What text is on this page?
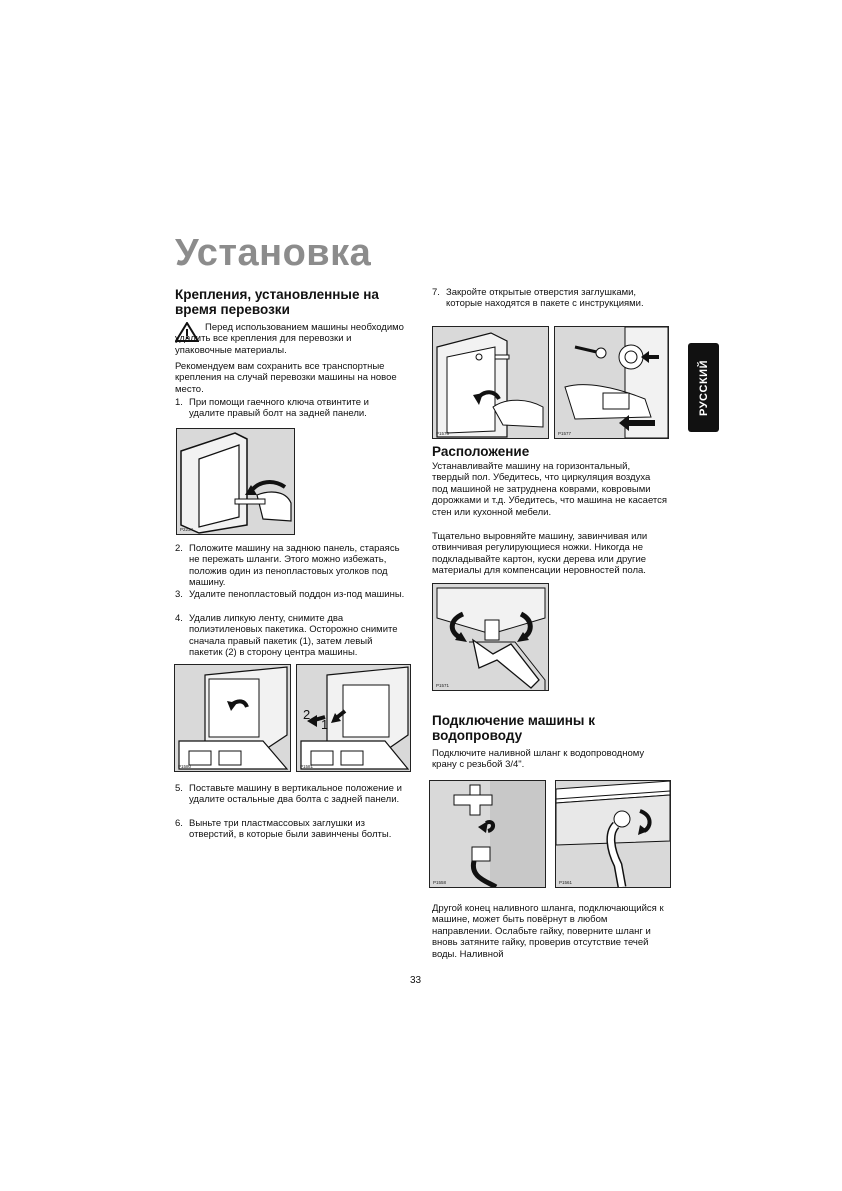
Установка
РУССКИЙ
Крепления, установленные на время перевозки

Перед использованием машины необходимо удалить все крепления для перевозки и упаковочные материалы.

Рекомендуем вам сохранить все транспортные крепления на случай перевозки машины на новое место.

1. При помощи гаечного ключа отвинтите и удалите правый болт на задней панели.
P2234
2. Положите машину на заднюю панель, стараясь не пережать шланги. Этого можно избежать, положив один из пенопластовых уголков под машину.
3. Удалите пенопластовый поддон из-под машины.
4. Удалив липкую ленту, снимите два полиэтиленовых пакетика. Осторожно снимите сначала правый пакетик (1), затем левый пакетик (2) в сторону центра машины.
P1580
2
1
P1581
5. Поставьте машину в вертикальное положение и удалите остальные два болта с задней панели.
6. Выньте три пластмассовых заглушки из отверстий, в которые были завинчены болты.
7. Закройте открытые отверстия заглушками, которые находятся в пакете с инструкциями.
P1576	P1577
Расположение

Устанавливайте машину на горизонтальный, твердый пол. Убедитесь, что циркуляция воздуха под машиной не затруднена коврами, ковровыми дорожками и т.д. Убедитесь, что машина не касается стен или кухонной мебели.

Тщательно выровняйте машину, завинчивая или отвинчивая регулирующиеся ножки. Никогда не подкладывайте картон, куски дерева или другие материалы для компенсации неровностей пола.

P1571
Подключение машины к водопроводу

Подключите наливной шланг к водопроводному крану с резьбой 3/4".

P1558	P1561

Другой конец наливного шланга, подключающийся к машине, может быть повёрнут в любом направлении. Ослабьте гайку, поверните шланг и вновь затяните гайку, проверив отсутствие течей воды. Наливной

33
